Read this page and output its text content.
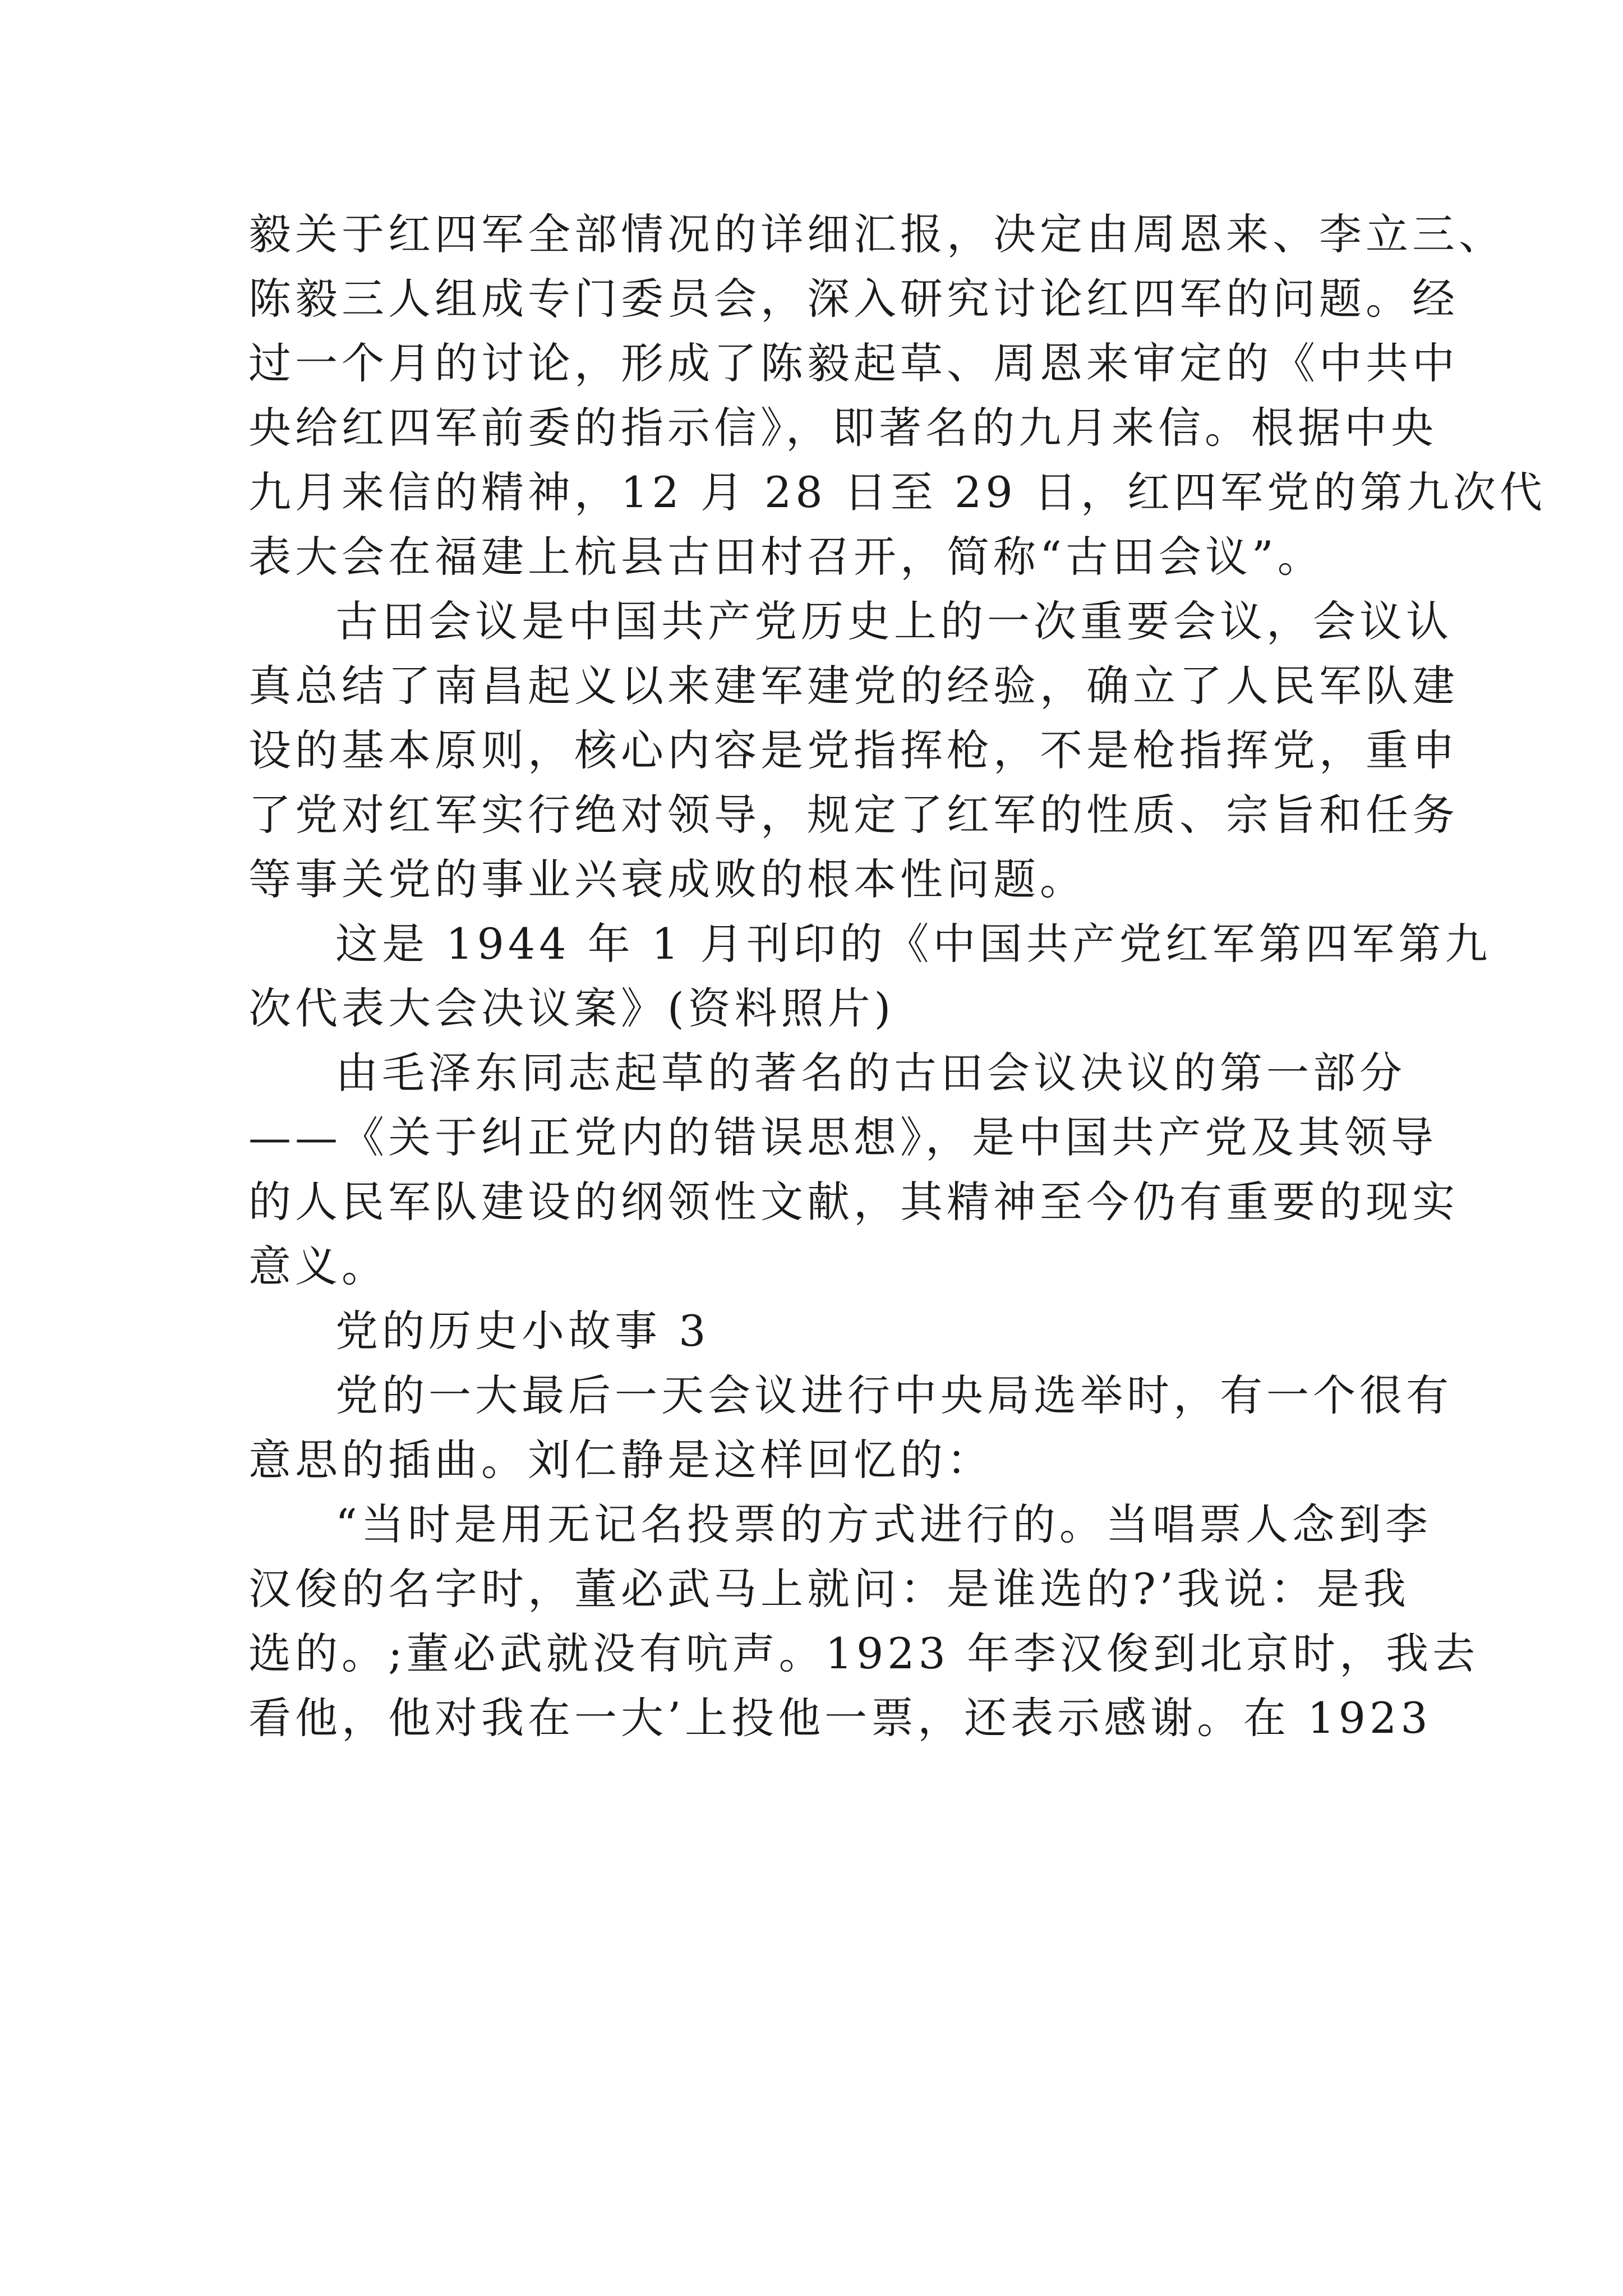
毅关于红四军全部情况的详细汇报，决定由周恩来、李立三、
陈毅三人组成专门委员会，深入研究讨论红四军的问题。经
过一个月的讨论，形成了陈毅起草、周恩来审定的《中共中
央给红四军前委的指示信》，即著名的九月来信。根据中央
九月来信的精神，12 月 28 日至 29 日，红四军党的第九次代
表大会在福建上杭县古田村召开，简称“古田会议”。
古田会议是中国共产党历史上的一次重要会议，会议认
真总结了南昌起义以来建军建党的经验，确立了人民军队建
设的基本原则，核心内容是党指挥枪，不是枪指挥党，重申
了党对红军实行绝对领导，规定了红军的性质、宗旨和任务
等事关党的事业兴衰成败的根本性问题。
这是 1944 年 1 月刊印的《中国共产党红军第四军第九
次代表大会决议案》(资料照片)
由毛泽东同志起草的著名的古田会议决议的第一部分
——《关于纠正党内的错误思想》，是中国共产党及其领导
的人民军队建设的纲领性文献，其精神至今仍有重要的现实
意义。
党的历史小故事 3
党的一大最后一天会议进行中央局选举时，有一个很有
意思的插曲。刘仁静是这样回忆的：
“当时是用无记名投票的方式进行的。当唱票人念到李
汉俊的名字时，董必武马上就问：是谁选的?’我说：是我
选的。;董必武就没有吭声。1923 年李汉俊到北京时，我去
看他，他对我在一大’上投他一票，还表示感谢。在 1923
